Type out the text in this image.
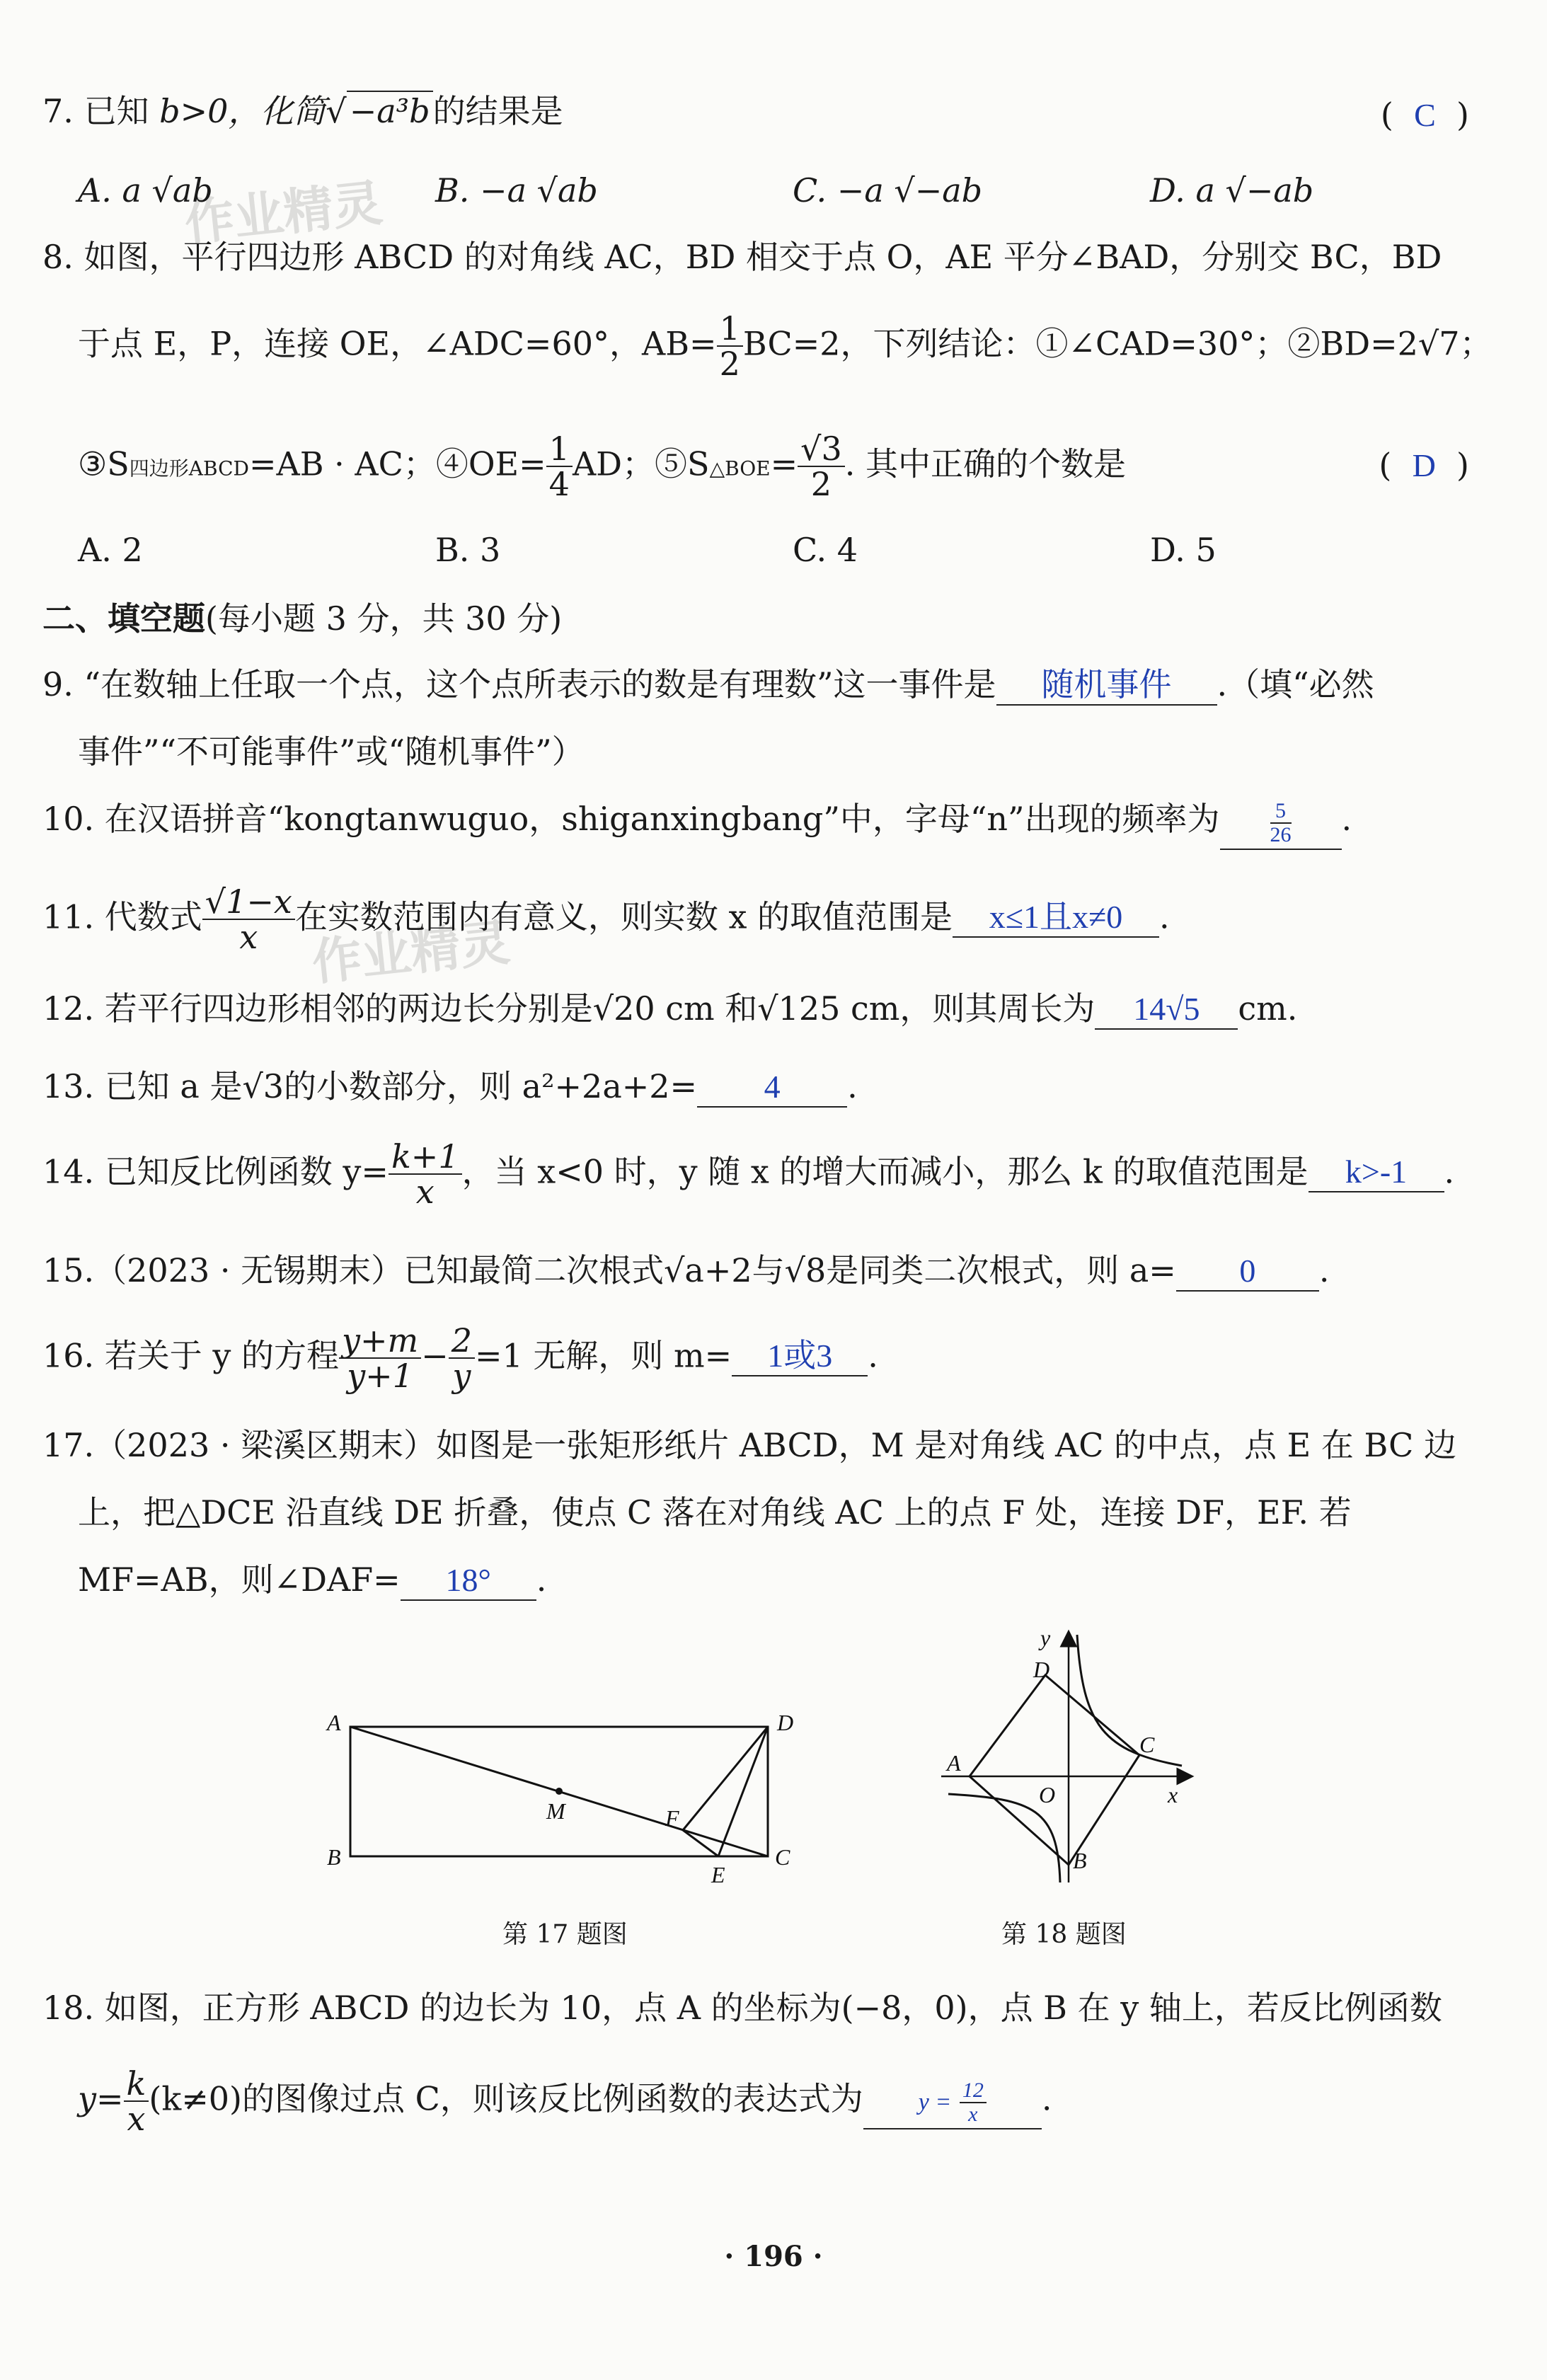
作业精灵
作业精灵
7. 已知 b>0，化简√−a³b的结果是	(  C  )
A. a √ab	B. −a √ab	C. −a √−ab	D. a √−ab
8. 如图，平行四边形 ABCD 的对角线 AC，BD 相交于点 O，AE 平分∠BAD，分别交 BC，BD
于点 E，P，连接 OE，∠ADC=60°，$AB= \frac{1}{2} BC=2$，下列结论：①∠CAD=30°；②BD=2√7；
③S四边形ABCD=AB · AC；④OE= $\frac{1}{4}$ AD；⑤S△BOE= $\frac{√3}{2}$ . 其中正确的个数是	(  D  )
A. 2	B. 3	C. 4	D. 5
二、填空题(每小题 3 分，共 30 分)
9. “在数轴上任取一个点，这个点所表示的数是有理数”这一事件是 随机事件 .（填“必然
事件”“不可能事件”或“随机事件”）
10. 在汉语拼音“kongtanwuguo，shiganxingbang”中，字母“n”出现的频率为 $\frac{5}{26}$ .
11. 代数式 $\frac{√1-x}{x}$ 在实数范围内有意义，则实数 x 的取值范围是 x≤1且x≠0 .
12. 若平行四边形相邻的两边长分别是√20 cm 和√125 cm，则其周长为 14√5 cm.
13. 已知 a 是√3的小数部分，则 a²+2a+2= 4 .
14. 已知反比例函数 $y= \frac{k+1}{x}$ ，当 x<0 时，y 随 x 的增大而减小，那么 k 的取值范围是 k>-1 .
15.（2023 · 无锡期末）已知最简二次根式√a+2与√8是同类二次根式，则 a= 0 .
16. 若关于 y 的方程 $\frac{y+m}{y+1} - \frac{2}{y} =1$ 无解，则 m= 1或3 .
17.（2023 · 梁溪区期末）如图是一张矩形纸片 ABCD，M 是对角线 AC 的中点，点 E 在 BC 边
上，把△DCE 沿直线 DE 折叠，使点 C 落在对角线 AC 上的点 F 处，连接 DF，EF. 若
MF=AB，则∠DAF= 18° .
A
B	C
D
M	F
E
第 17 题图
y
x
O
A
B
C
D
第 18 题图
18. 如图，正方形 ABCD 的边长为 10，点 A 的坐标为(−8，0)，点 B 在 y 轴上，若反比例函数
$y= \frac{k}{x} (k\ne 0)$的图像过点 C，则该反比例函数的表达式为 $y = \frac{12}{x}$ .
· 196 ·
